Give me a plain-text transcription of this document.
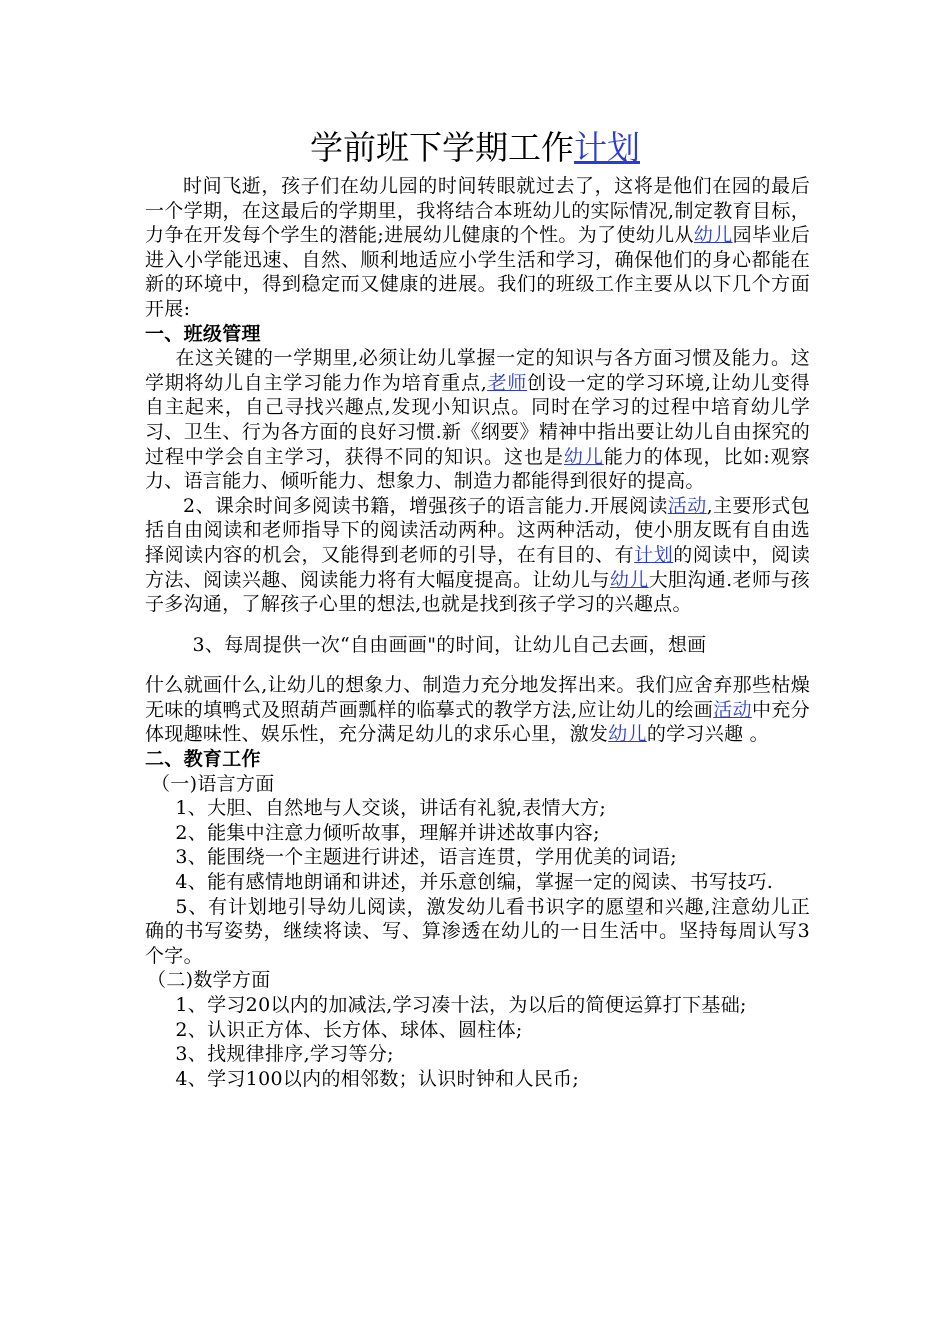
学前班下学期工作计划

时间飞逝，孩子们在幼儿园的时间转眼就过去了，这将是他们在园的最后一个学期，在这最后的学期里，我将结合本班幼儿的实际情况,制定教育目标，力争在开发每个学生的潜能;进展幼儿健康的个性。为了使幼儿从幼儿园毕业后进入小学能迅速、自然、顺利地适应小学生活和学习，确保他们的身心都能在新的环境中，得到稳定而又健康的进展。我们的班级工作主要从以下几个方面开展:

一、班级管理

在这关键的一学期里,必须让幼儿掌握一定的知识与各方面习惯及能力。这学期将幼儿自主学习能力作为培育重点,老师创设一定的学习环境,让幼儿变得自主起来，自己寻找兴趣点,发现小知识点。同时在学习的过程中培育幼儿学习、卫生、行为各方面的良好习惯.新《纲要》精神中指出要让幼儿自由探究的过程中学会自主学习，获得不同的知识。这也是幼儿能力的体现，比如:观察力、语言能力、倾听能力、想象力、制造力都能得到很好的提高。

2、课余时间多阅读书籍，增强孩子的语言能力.开展阅读活动,主要形式包括自由阅读和老师指导下的阅读活动两种。这两种活动，使小朋友既有自由选择阅读内容的机会，又能得到老师的引导，在有目的、有计划的阅读中，阅读方法、阅读兴趣、阅读能力将有大幅度提高。让幼儿与幼儿大胆沟通.老师与孩子多沟通，了解孩子心里的想法,也就是找到孩子学习的兴趣点。

3、每周提供一次“自由画画"的时间，让幼儿自己去画，想画

什么就画什么,让幼儿的想象力、制造力充分地发挥出来。我们应舍弃那些枯燥无味的填鸭式及照葫芦画瓢样的临摹式的教学方法,应让幼儿的绘画活动中充分体现趣味性、娱乐性，充分满足幼儿的求乐心里，激发幼儿的学习兴趣 。

二、教育工作

（一)语言方面

1、大胆、自然地与人交谈，讲话有礼貌,表情大方;

2、能集中注意力倾听故事，理解并讲述故事内容;

3、能围绕一个主题进行讲述，语言连贯，学用优美的词语;

4、能有感情地朗诵和讲述，并乐意创编，掌握一定的阅读、书写技巧.

5、有计划地引导幼儿阅读，激发幼儿看书识字的愿望和兴趣,注意幼儿正确的书写姿势，继续将读、写、算渗透在幼儿的一日生活中。坚持每周认写3个字。

（二)数学方面

1、学习20以内的加减法,学习凑十法，为以后的简便运算打下基础;

2、认识正方体、长方体、球体、圆柱体;

3、找规律排序,学习等分;

4、学习100以内的相邻数；认识时钟和人民币;
